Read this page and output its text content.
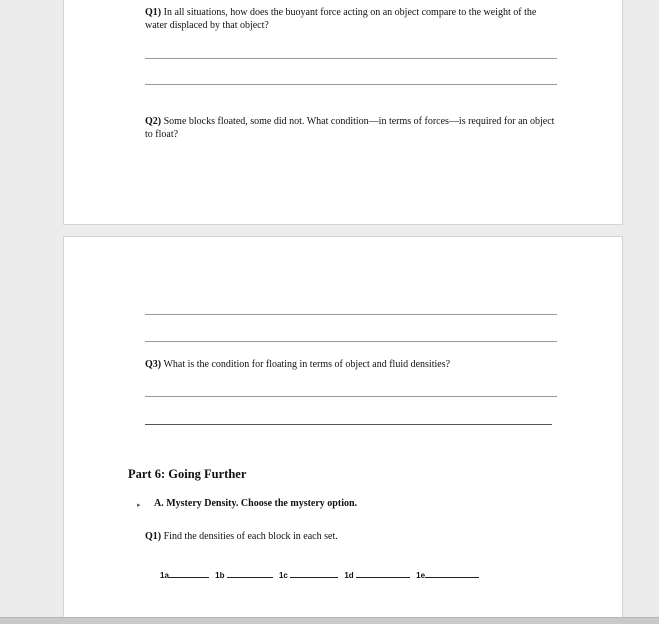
Q1) In all situations, how does the buoyant force acting on an object compare to the weight of the water displaced by that object?
Q2) Some blocks floated, some did not. What condition—in terms of forces—is required for an object to float?
Q3) What is the condition for floating in terms of object and fluid densities?
Part 6: Going Further
▸ A. Mystery Density. Choose the mystery option.
Q1) Find the densities of each block in each set.
1a	1b	1c	1d	1e
